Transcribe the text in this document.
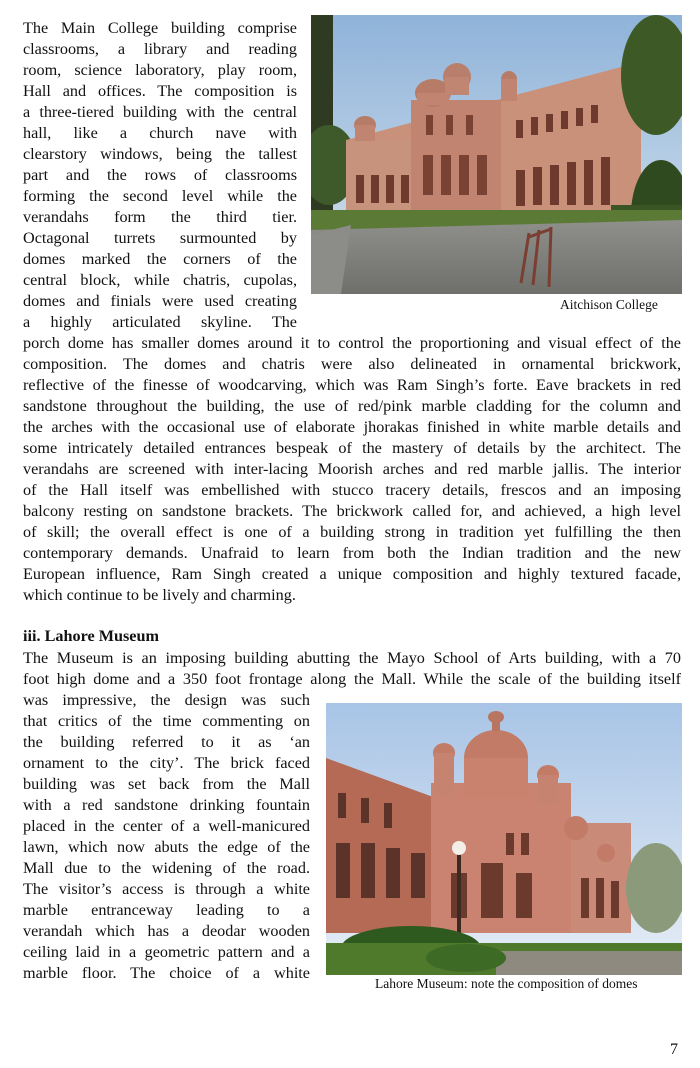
The Main College building comprise
classrooms, a library and reading
room, science laboratory, play room,
Hall and offices. The composition is
a three-tiered building with the central
hall, like a church nave with
clearstory windows, being the tallest
part and the rows of classrooms
forming the second level while the
verandahs form the third tier.
Octagonal turrets surmounted by
domes marked the corners of the
central block, while chatris, cupolas,
domes and finials were used creating
a highly articulated skyline. The
Aitchison College
porch dome has smaller domes around it to control the proportioning and visual effect of the
composition. The domes and chatris were also delineated in ornamental brickwork,
reflective of the finesse of woodcarving, which was Ram Singh’s forte. Eave brackets in red
sandstone throughout the building, the use of red/pink marble cladding for the column and
the arches with the occasional use of elaborate jhorakas finished in white marble details and
some intricately detailed entrances bespeak of the mastery of details by the architect. The
verandahs are screened with inter-lacing Moorish arches and red marble jallis. The interior
of the Hall itself was embellished with stucco tracery details, frescos and an imposing
balcony resting on sandstone brackets. The brickwork called for, and achieved, a high level
of skill; the overall effect is one of a building strong in tradition yet fulfilling the then
contemporary demands. Unafraid to learn from both the Indian tradition and the new
European influence, Ram Singh created a unique composition and highly textured facade,
which continue to be lively and charming.
iii. Lahore Museum
The Museum is an imposing building abutting the Mayo School of Arts building, with a 70
foot high dome and a 350 foot frontage along the Mall. While the scale of the building itself
was impressive, the design was such
that critics of the time commenting on
the building referred to it as ‘an
ornament to the city’. The brick faced
building was set back from the Mall
with a red sandstone drinking fountain
placed in the center of a well-manicured
lawn, which now abuts the edge of the
Mall due to the widening of the road.
The visitor’s access is through a white
marble entranceway leading to a
verandah which has a deodar wooden
ceiling laid in a geometric pattern and a
marble floor. The choice of a white
Lahore Museum: note the composition of domes
7
